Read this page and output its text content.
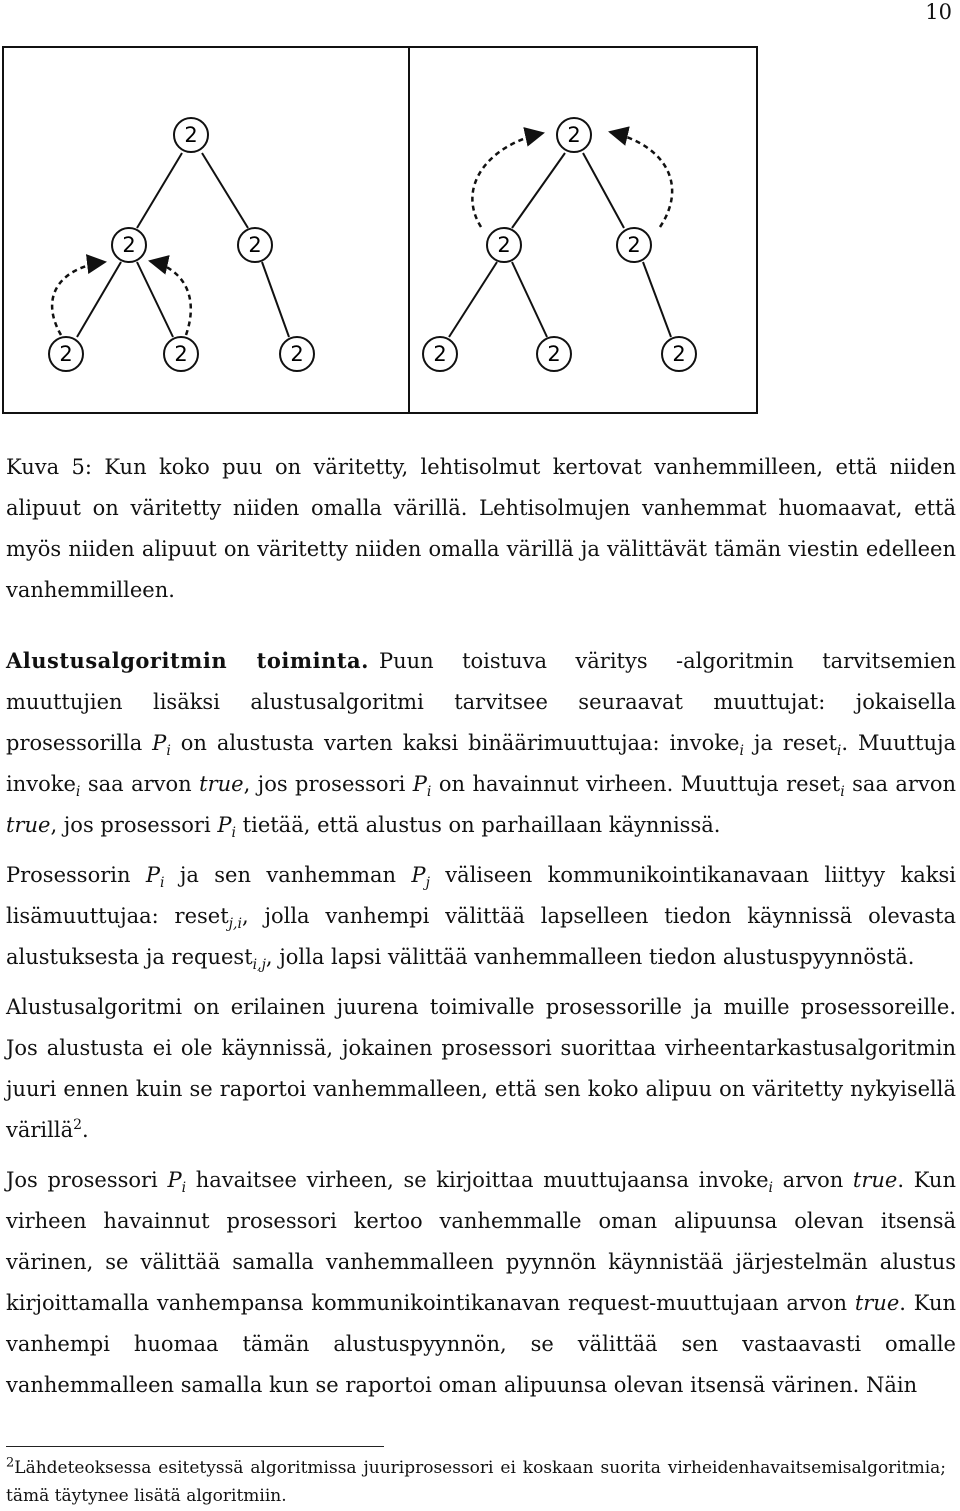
10
2
2	2
2	2	2
2
2	2
2	2	2
Kuva 5: Kun koko puu on väritetty, lehtisolmut kertovat vanhemmilleen, että niiden alipuut on väritetty niiden omalla värillä. Lehtisolmujen vanhemmat huomaavat, että myös niiden alipuut on väritetty niiden omalla värillä ja välittävät tämän viestin edelleen vanhemmilleen.

Alustusalgoritmin toiminta. Puun toistuva väritys -algoritmin tarvitsemien muuttujien lisäksi alustusalgoritmi tarvitsee seuraavat muuttujat: jokaisella prosessorilla $P_i$ on alustusta varten kaksi binäärimuuttujaa: invoke$_i$ ja reset$_i$. Muuttuja invoke$_i$ saa arvon true, jos prosessori $P_i$ on havainnut virheen. Muuttuja reset$_i$ saa arvon true, jos prosessori $P_i$ tietää, että alustus on parhaillaan käynnissä.

Prosessorin $P_i$ ja sen vanhemman $P_j$ väliseen kommunikointikanavaan liittyy kaksi lisämuuttujaa: reset$_{j,i}$, jolla vanhempi välittää lapselleen tiedon käynnissä olevasta alustuksesta ja request$_{i,j}$, jolla lapsi välittää vanhemmalleen tiedon alustuspyynnöstä.

Alustusalgoritmi on erilainen juurena toimivalle prosessorille ja muille prosessoreille. Jos alustusta ei ole käynnissä, jokainen prosessori suorittaa virheentarkastusalgoritmin juuri ennen kuin se raportoi vanhemmalleen, että sen koko alipuu on väritetty nykyisellä värillä$^2$.

Jos prosessori $P_i$ havaitsee virheen, se kirjoittaa muuttujaansa invoke$_i$ arvon true. Kun virheen havainnut prosessori kertoo vanhemmalle oman alipuunsa olevan itsensä värinen, se välittää samalla vanhemmalleen pyynnön käynnistää järjestelmän alustus kirjoittamalla vanhempansa kommunikointikanavan request-muuttujaan arvon true. Kun vanhempi huomaa tämän alustuspyynnön, se välittää sen vastaavasti omalle vanhemmalleen samalla kun se raportoi oman alipuunsa olevan itsensä värinen. Näin

$^2$Lähdeteoksessa esitetyssä algoritmissa juuriprosessori ei koskaan suorita virheidenhavaitsemisalgoritmia; tämä täytynee lisätä algoritmiin.
